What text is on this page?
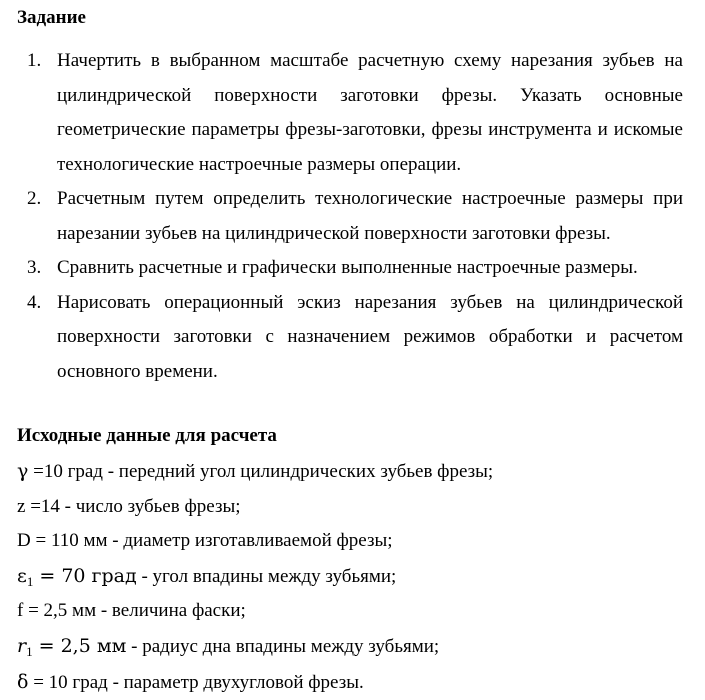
Задание
1. Начертить в выбранном масштабе расчетную схему нарезания зубьев на цилиндрической поверхности заготовки фрезы. Указать основные геометрические параметры фрезы-заготовки, фрезы инструмента и искомые технологические настроечные размеры операции.

2. Расчетным путем определить технологические настроечные размеры при нарезании зубьев на цилиндрической поверхности заготовки фрезы.

3. Сравнить расчетные и графически выполненные настроечные размеры.

4. Нарисовать операционный эскиз нарезания зубьев на цилиндрической поверхности заготовки с назначением режимов обработки и расчетом основного времени.

Исходные данные для расчета
γ =10 град - передний угол цилиндрических зубьев фрезы;
z =14 - число зубьев фрезы;
D = 110 мм - диаметр изготавливаемой фрезы;
$\varepsilon_1 = 70$ град - угол впадины между зубьями;
f = 2,5 мм - величина фаски;
$r_1 = 2,5$ мм - радиус дна впадины между зубьями;
δ = 10 град - параметр двухугловой фрезы.
